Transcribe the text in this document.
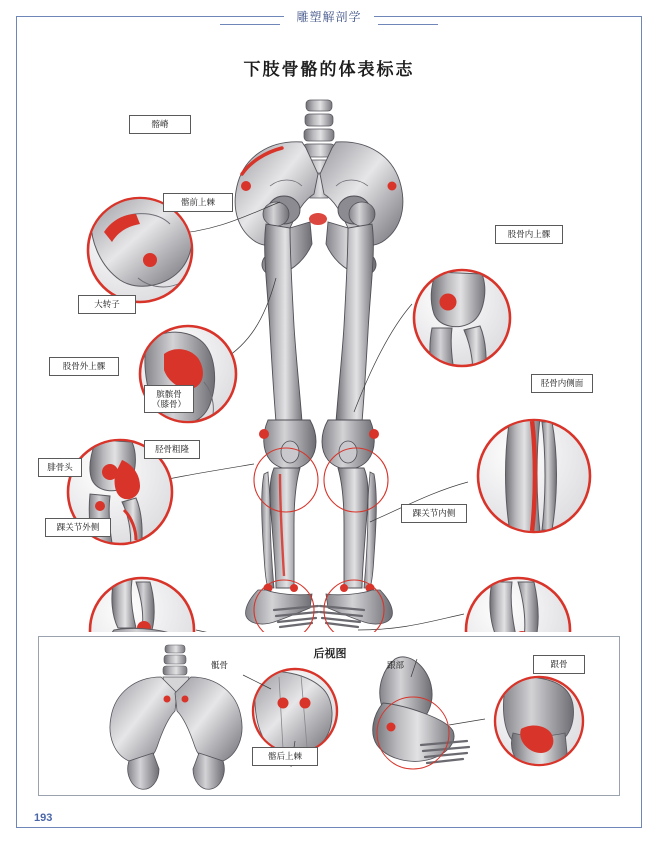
雕塑解剖学
下肢骨骼的体表标志
髂嵴
髂前上棘
大转子
股骨内上髁
股骨外上髁
膑髌骨
（膝骨）
胫骨粗隆
腓骨头
胫骨内侧面
踝关节外侧
踝关节内侧
后视图
骶骨
髂后上棘
跟部	跟骨
193
